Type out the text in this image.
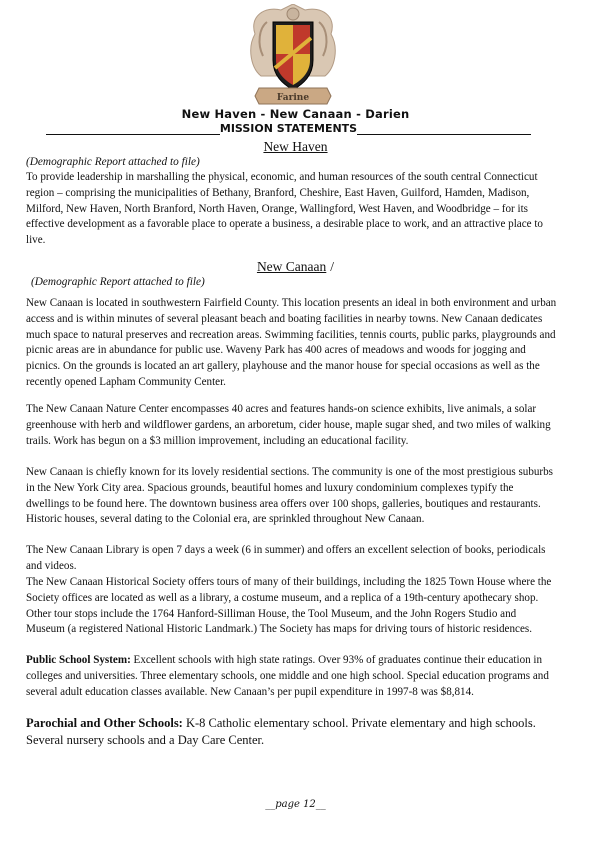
Farine
New Haven - New Canaan - Darien
MISSION STATEMENTS
New Haven
(Demographic Report attached to file)

To provide leadership in marshalling the physical, economic, and human resources of the south central Connecticut region – comprising the municipalities of Bethany, Branford, Cheshire, East Haven, Guilford, Hamden, Madison, Milford, New Haven, North Branford, North Haven, Orange, Wallingford, West Haven, and Woodbridge – for its effective development as a favorable place to operate a business, a desirable place to work, and an attractive place to live.

New Canaan /
(Demographic Report attached to file)

New Canaan is located in southwestern Fairfield County. This location presents an ideal in both environment and urban access and is within minutes of several pleasant beach and boating facilities in nearby towns. New Canaan dedicates much space to natural preserves and recreation areas. Swimming facilities, tennis courts, public parks, playgrounds and picnic areas are in abundance for public use. Waveny Park has 400 acres of meadows and woods for jogging and picnics. On the grounds is located an art gallery, playhouse and the manor house for special occasions as well as the recently opened Lapham Community Center.

The New Canaan Nature Center encompasses 40 acres and features hands-on science exhibits, live animals, a solar greenhouse with herb and wildflower gardens, an arboretum, cider house, maple sugar shed, and two miles of walking trails. Work has begun on a $3 million improvement, including an educational facility.

New Canaan is chiefly known for its lovely residential sections. The community is one of the most prestigious suburbs in the New York City area. Spacious grounds, beautiful homes and luxury condominium complexes typify the dwellings to be found here. The downtown business area offers over 100 shops, galleries, boutiques and restaurants. Historic houses, several dating to the Colonial era, are sprinkled throughout New Canaan.

The New Canaan Library is open 7 days a week (6 in summer) and offers an excellent selection of books, periodicals and videos.

The New Canaan Historical Society offers tours of many of their buildings, including the 1825 Town House where the Society offices are located as well as a library, a costume museum, and a replica of a 19th-century apothecary shop. Other tour stops include the 1764 Hanford-Silliman House, the Tool Museum, and the John Rogers Studio and Museum (a registered National Historic Landmark.) The Society has maps for driving tours of historic residences.

Public School System: Excellent schools with high state ratings. Over 93% of graduates continue their education in colleges and universities. Three elementary schools, one middle and one high school. Special education programs and several adult education classes available. New Canaan’s per pupil expenditure in 1997-8 was $8,814.

Parochial and Other Schools: K-8 Catholic elementary school. Private elementary and high schools. Several nursery schools and a Day Care Center.

__page 12__
